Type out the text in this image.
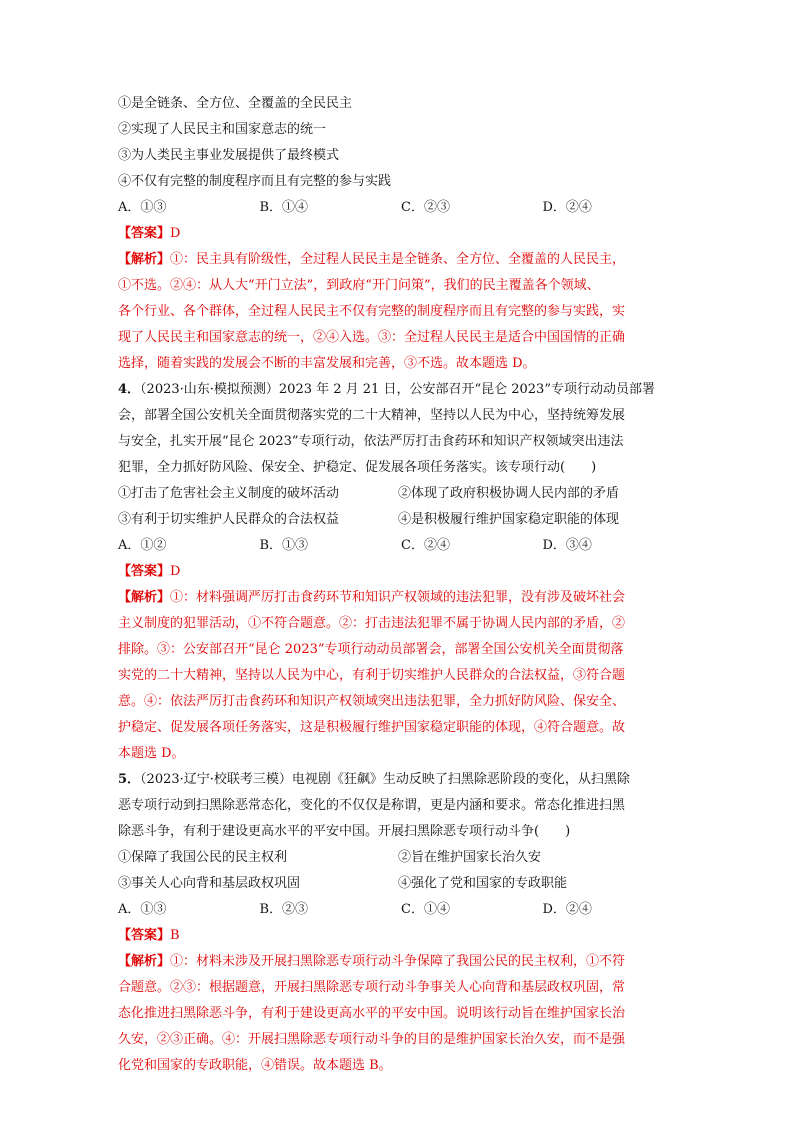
①是全链条、全方位、全覆盖的全民民主
②实现了人民民主和国家意志的统一
③为人类民主事业发展提供了最终模式
④不仅有完整的制度程序而且有完整的参与实践
A．①③	B．①④	C．②③	D．②④
【答案】D
【解析】①：民主具有阶级性，全过程人民民主是全链条、全方位、全覆盖的人民民主，
①不选。②④：从人大“开门立法”，到政府“开门问策”，我们的民主覆盖各个领域、
各个行业、各个群体，全过程人民民主不仅有完整的制度程序而且有完整的参与实践，实
现了人民民主和国家意志的统一，②④入选。③：全过程人民民主是适合中国国情的正确
选择，随着实践的发展会不断的丰富发展和完善，③不选。故本题选 D。
4．（2023·山东·模拟预测）2023 年 2 月 21 日，公安部召开“昆仑 2023”专项行动动员部署
会，部署全国公安机关全面贯彻落实党的二十大精神，坚持以人民为中心，坚持统筹发展
与安全，扎实开展“昆仑 2023”专项行动，依法严厉打击食药环和知识产权领域突出违法
犯罪，全力抓好防风险、保安全、护稳定、促发展各项任务落实。该专项行动(　　)
①打击了危害社会主义制度的破坏活动	②体现了政府积极协调人民内部的矛盾
③有利于切实维护人民群众的合法权益	④是积极履行维护国家稳定职能的体现
A．①②	B．①③	C．②④	D．③④
【答案】D
【解析】①：材料强调严厉打击食药环节和知识产权领域的违法犯罪，没有涉及破坏社会
主义制度的犯罪活动，①不符合题意。②：打击违法犯罪不属于协调人民内部的矛盾，②
排除。③：公安部召开“昆仑 2023”专项行动动员部署会，部署全国公安机关全面贯彻落
实党的二十大精神，坚持以人民为中心，有利于切实维护人民群众的合法权益，③符合题
意。④：依法严厉打击食药环和知识产权领域突出违法犯罪，全力抓好防风险、保安全、
护稳定、促发展各项任务落实，这是积极履行维护国家稳定职能的体现，④符合题意。故
本题选 D。
5．（2023·辽宁·校联考三模）电视剧《狂飙》生动反映了扫黑除恶阶段的变化，从扫黑除
恶专项行动到扫黑除恶常态化，变化的不仅仅是称谓，更是内涵和要求。常态化推进扫黑
除恶斗争，有利于建设更高水平的平安中国。开展扫黑除恶专项行动斗争(　　)
①保障了我国公民的民主权利	②旨在维护国家长治久安
③事关人心向背和基层政权巩固	④强化了党和国家的专政职能
A．①③	B．②③	C．①④	D．②④
【答案】B
【解析】①：材料未涉及开展扫黑除恶专项行动斗争保障了我国公民的民主权利，①不符
合题意。②③：根据题意，开展扫黑除恶专项行动斗争事关人心向背和基层政权巩固，常
态化推进扫黑除恶斗争，有利于建设更高水平的平安中国。说明该行动旨在维护国家长治
久安，②③正确。④：开展扫黑除恶专项行动斗争的目的是维护国家长治久安，而不是强
化党和国家的专政职能，④错误。故本题选 B。
